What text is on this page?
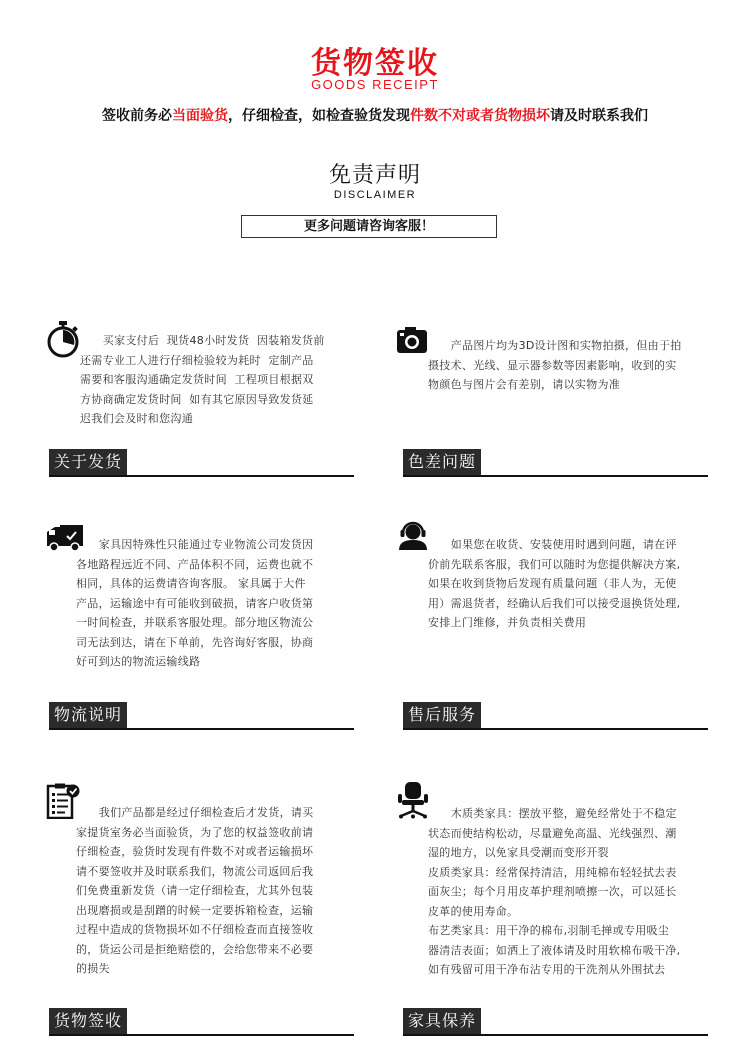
货物签收
GOODS RECEIPT
签收前务必当面验货，仔细检查，如检查验货发现件数不对或者货物损坏请及时联系我们
免责声明
DISCLAIMER
更多问题请咨询客服！
买家支付后  现货48小时发货  因装箱发货前
还需专业工人进行仔细检验较为耗时  定制产品
需要和客服沟通确定发货时间  工程项目根据双
方协商确定发货时间  如有其它原因导致发货延
迟我们会及时和您沟通
关于发货
产品图片均为3D设计图和实物拍摄，但由于拍
摄技术、光线、显示器参数等因素影响，收到的实
物颜色与图片会有差别，请以实物为准
色差问题
家具因特殊性只能通过专业物流公司发货因
各地路程远近不同、产品体积不同，运费也就不
相同，具体的运费请咨询客服。 家具属于大件
产品，运输途中有可能收到破损，请客户收货第
一时间检查，并联系客服处理。部分地区物流公
司无法到达，请在下单前，先咨询好客服，协商
好可到达的物流运输线路
物流说明
如果您在收货、安装使用时遇到问题，请在评
价前先联系客服，我们可以随时为您提供解决方案,
如果在收到货物后发现有质量问题（非人为，无使
用）需退货者，经确认后我们可以接受退换货处理,
安排上门维修，并负责相关费用
售后服务
我们产品都是经过仔细检查后才发货，请买
家提货室务必当面验货，为了您的权益签收前请
仔细检查，验货时发现有件数不对或者运输损坏
请不要签收并及时联系我们，物流公司返回后我
们免费重新发货（请一定仔细检查，尤其外包装
出现磨损或是刮蹭的时候一定要拆箱检查，运输
过程中造成的货物损坏如不仔细检查而直接签收
的，货运公司是拒绝赔偿的，会给您带来不必要
的损失
货物签收
木质类家具：摆放平整，避免经常处于不稳定
状态而使结构松动，尽量避免高温、光线强烈、潮
湿的地方，以免家具受潮而变形开裂
皮质类家具：经常保持清洁，用纯棉布轻轻拭去表
面灰尘；每个月用皮革护理剂喷擦一次，可以延长
皮革的使用寿命。
布艺类家具：用干净的棉布,羽制毛掸或专用吸尘
器清洁表面；如洒上了液体请及时用软棉布吸干净,
如有残留可用干净布沾专用的干洗剂从外围拭去
家具保养
